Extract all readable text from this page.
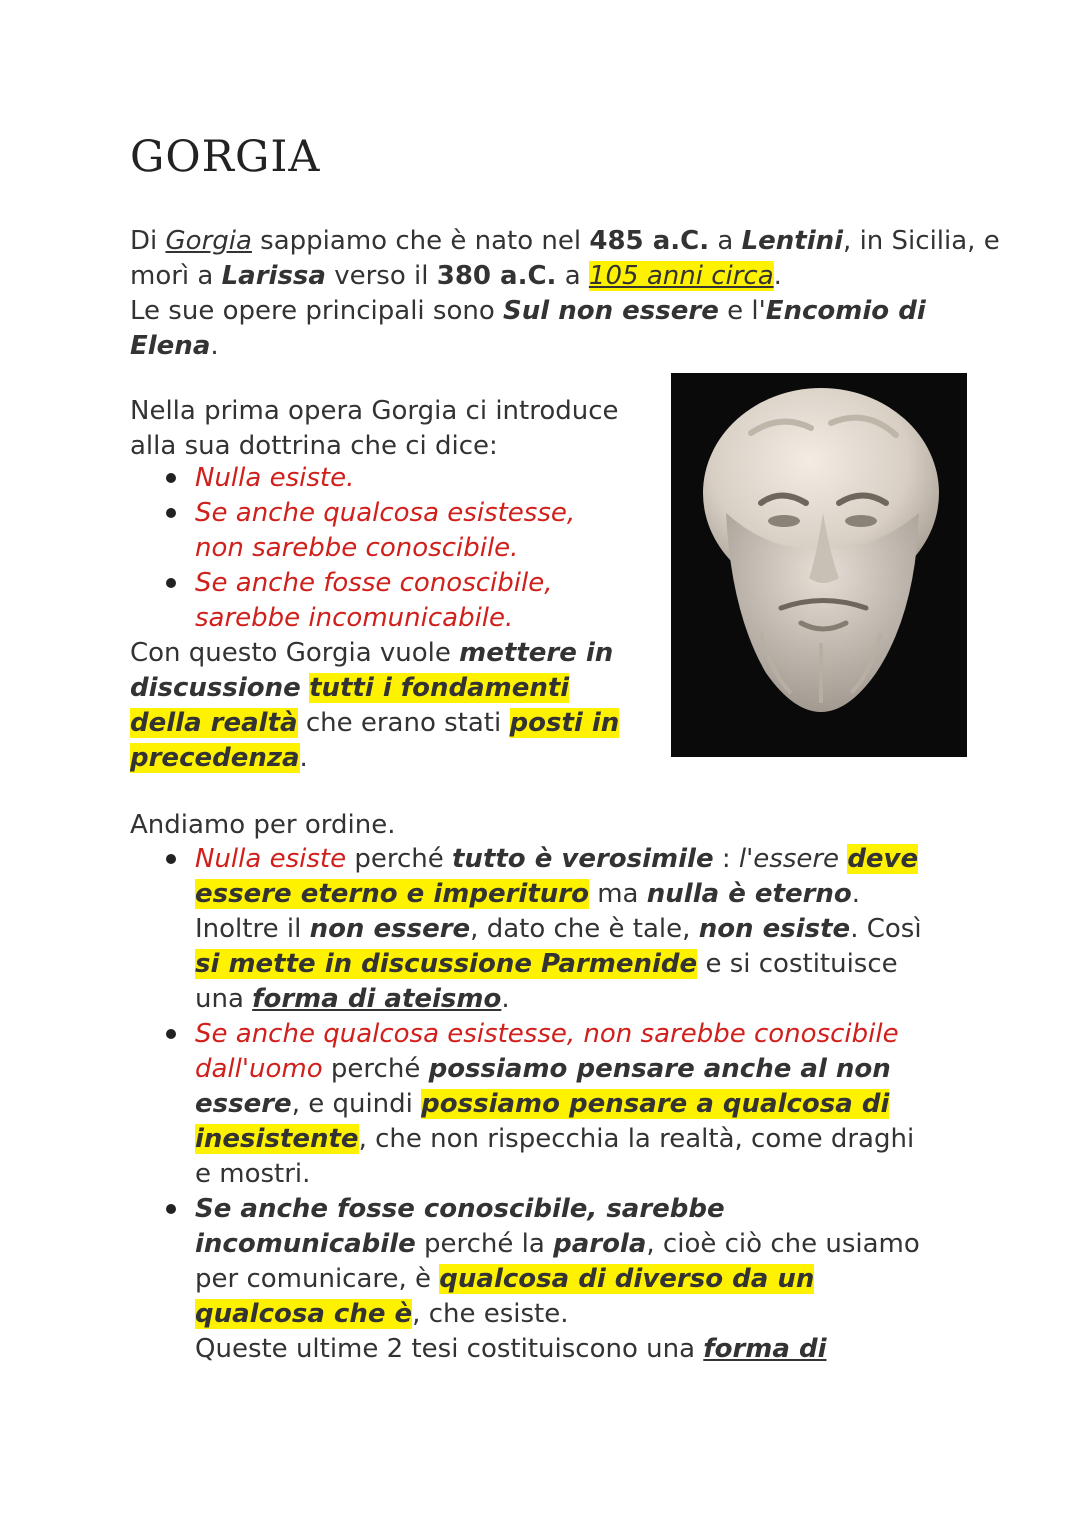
GORGIA

Di Gorgia sappiamo che è nato nel 485 a.C. a Lentini, in Sicilia, e morì a Larissa verso il 380 a.C. a 105 anni circa.
Le sue opere principali sono Sul non essere e l'Encomio di Elena.

Nella prima opera Gorgia ci introduce alla sua dottrina che ci dice:

Nulla esiste.
Se anche qualcosa esistesse, non sarebbe conoscibile.
Se anche fosse conoscibile, sarebbe incomunicabile.

Con questo Gorgia vuole mettere in discussione tutti i fondamenti della realtà che erano stati posti in precedenza.

Andiamo per ordine.

Nulla esiste perché tutto è verosimile : l'essere deve essere eterno e imperituro ma nulla è eterno. Inoltre il non essere, dato che è tale, non esiste. Così si mette in discussione Parmenide e si costituisce una forma di ateismo.
Se anche qualcosa esistesse, non sarebbe conoscibile dall'uomo perché possiamo pensare anche al non essere, e quindi possiamo pensare a qualcosa di inesistente, che non rispecchia la realtà, come draghi e mostri.
Se anche fosse conoscibile, sarebbe incomunicabile perché la parola, cioè ciò che usiamo per comunicare, è qualcosa di diverso da un qualcosa che è, che esiste.
Queste ultime 2 tesi costituiscono una forma di
